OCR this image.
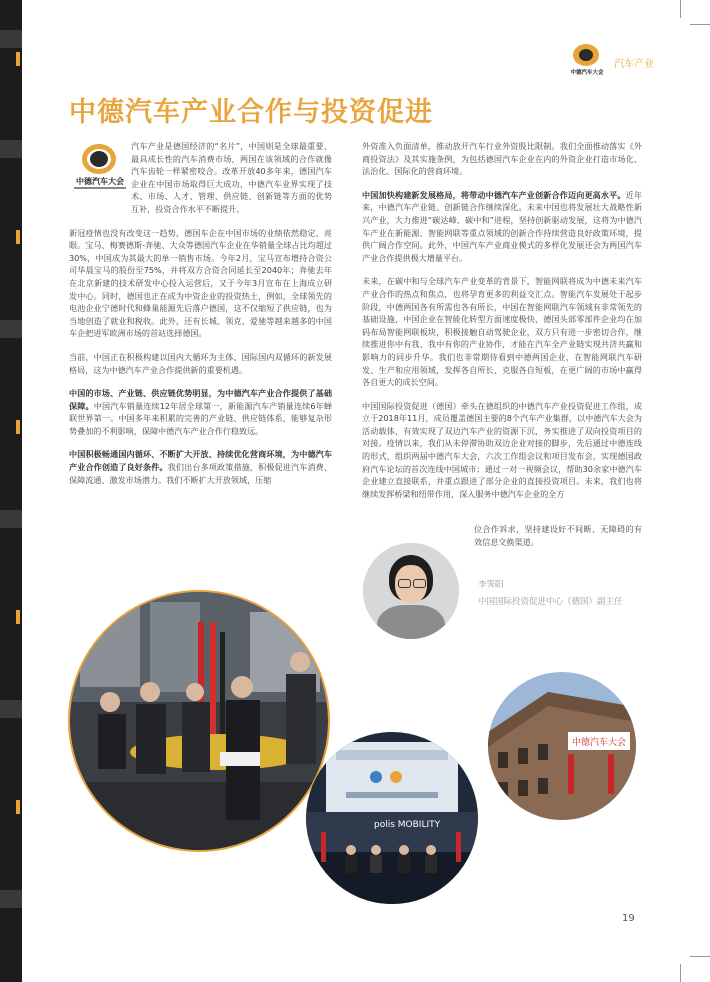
中德汽车大会
汽车产业
中德汽车产业合作与投资促进

汽车产业是德国经济的“名片”，中国则是全球最重要、最具成长性的汽车消费市场，两国在该领域的合作就像汽车齿轮一样紧密咬合。改革开放40多年来，德国汽车企业在中国市场取得巨大成功，中德汽车业界实现了技术、市场、人才、管理、供应链、创新链等方面的优势互补，投资合作水平不断提升。

新冠疫情也没有改变这一趋势，德国车企在中国市场的业绩依然稳定、亮眼。宝马、梅赛德斯-奔驰、大众等德国汽车企业在华销量全球占比均超过30%，中国成为其最大的单一销售市场。今年2月，宝马宣布增持合资公司华晨宝马的股份至75%，并将双方合资合同延长至2040年；奔驰去年在北京新建的技术研发中心投入运营后，又于今年3月宣布在上海成立研发中心。同时，德国也正在成为中资企业的投资热土，例如，全球领先的电池企业宁德时代和蜂巢能源先后落户德国，这不仅缩短了供应链，也为当地创造了就业和税收。此外，还有长城、领克、爱驰等越来越多的中国车企把进军欧洲市场的首站选择德国。

当前，中国正在积极构建以国内大循环为主体、国际国内双循环的新发展格局，这为中德汽车产业合作提供新的重要机遇。

中国的市场、产业链、供应链优势明显，为中德汽车产业合作提供了基础保障。中国汽车销量连续12年居全球第一，新能源汽车产销量连续6年蝉联世界第一。中国多年来积累的完善的产业链、供应链体系，能够复杂形势叠加的不利影响，保障中德汽车产业合作行稳致远。

中国积极畅通国内循环、不断扩大开放、持续优化营商环境，为中德汽车产业合作创造了良好条件。我们出台多项政策措施，积极促进汽车消费、保障流通、激发市场潜力。我们不断扩大开放领域，压缩

中德汽车大会

外资准入负面清单，推动放开汽车行业外资股比限制。我们全面推动落实《外商投资法》及其实施条例，为包括德国汽车企业在内的外资企业打造市场化、法治化、国际化的营商环境。

中国加快构建新发展格局，将带动中德汽车产业创新合作迈向更高水平。近年来，中德汽车产业链、创新链合作继续深化。未来中国也将发展壮大战略性新兴产业，大力推进“碳达峰、碳中和”进程，坚持创新驱动发展，这将为中德汽车产业在新能源、智能网联等重点领域的创新合作持续营造良好政策环境，提供广阔合作空间。此外，中国汽车产业商业模式的多样化发展还会为两国汽车产业合作提供极大增量平台。

未来，在碳中和与全球汽车产业变革的背景下，智能网联将成为中德未来汽车产业合作的热点和焦点，也将孕育更多的利益交汇点。智能汽车发展处于起步阶段，中德两国各有所需也各有所长，中国在智能网联汽车领域有非常领先的基础设施，中国企业在智能化转型方面速度极快，德国头部零部件企业均在加码布局智能网联板块，积极接触自动驾驶企业，双方只有进一步密切合作，继续推进你中有我、我中有你的产业协作，才能在汽车全产业链实现共济共赢和影响力的同步升华。我们也非常期待看到中德两国企业，在智能网联汽车研发、生产和应用领域，发挥各自所长、克服各自短板，在更广阔的市场中赢得各自更大的成长空间。

中国国际投资促进（德国）牵头在德组织的中德汽车产业投资促进工作组，成立于2018年11月，成员覆盖德国主要的8个汽车产业集群，以中德汽车大会为活动载体，有效实现了双边汽车产业的资源下沉，务实推进了双向投资项目的对接。疫情以来，我们从未停滞协助双边企业对接的脚步，先后通过中德连线的形式，组织两届中德汽车大会，六次工作组会议和项目发布会，实现德国政府汽车论坛的首次连线中国城市；通过一对一视频会议，帮助30余家中德汽车企业建立直接联系，并重点跟进了部分企业的直接投资项目。未来，我们也将继续发挥桥梁和纽带作用，深入服务中德汽车企业的全方

位合作诉求，坚持建设好不间断、无障碍的有效信息交换渠道。

李霁阳
中国国际投资促进中心（德国）副主任
polis MOBILITY
中德汽车大会
19
